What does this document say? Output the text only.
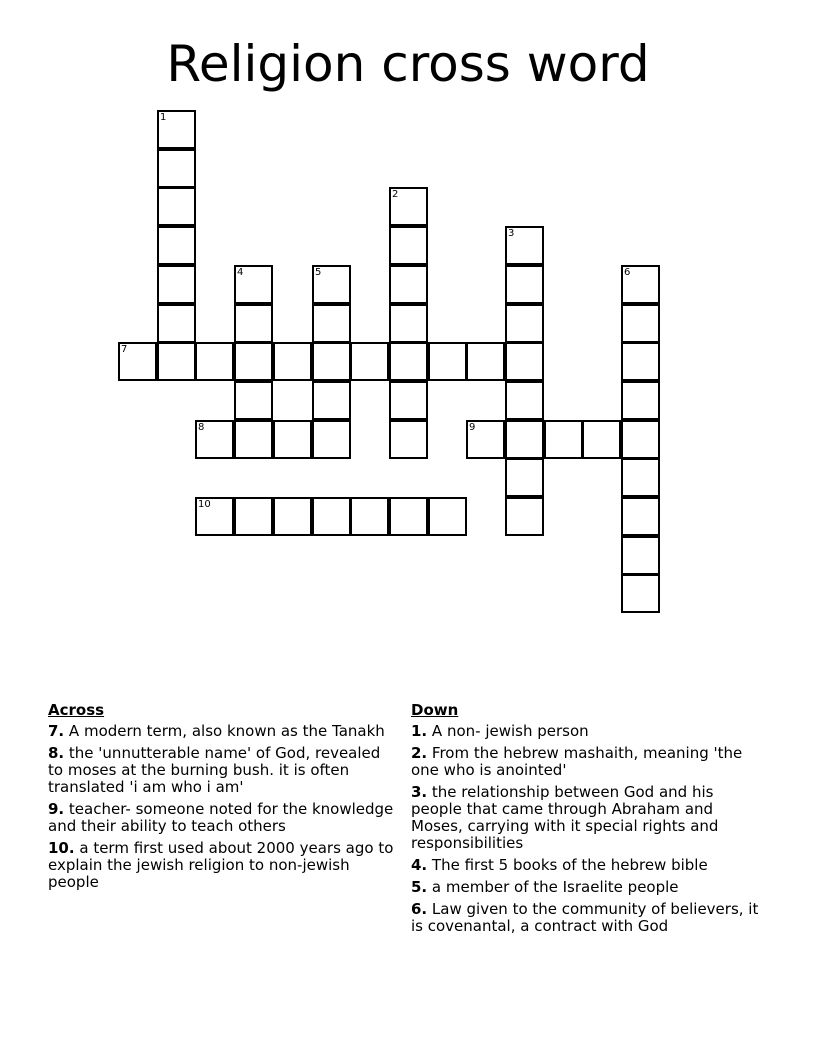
Religion cross word
1
2
3
4	5	6
7
8	9
10
Across
7. A modern term, also known as the Tanakh
8. the 'unnutterable name' of God, revealed to moses at the burning bush. it is often translated 'i am who i am'
9. teacher- someone noted for the knowledge and their ability to teach others
10. a term first used about 2000 years ago to explain the jewish religion to non-jewish people
Down
1. A non- jewish person
2. From the hebrew mashaith, meaning 'the one who is anointed'
3. the relationship between God and his people that came through Abraham and Moses, carrying with it special rights and responsibilities
4. The first 5 books of the hebrew bible
5. a member of the Israelite people
6. Law given to the community of believers, it is covenantal, a contract with God
